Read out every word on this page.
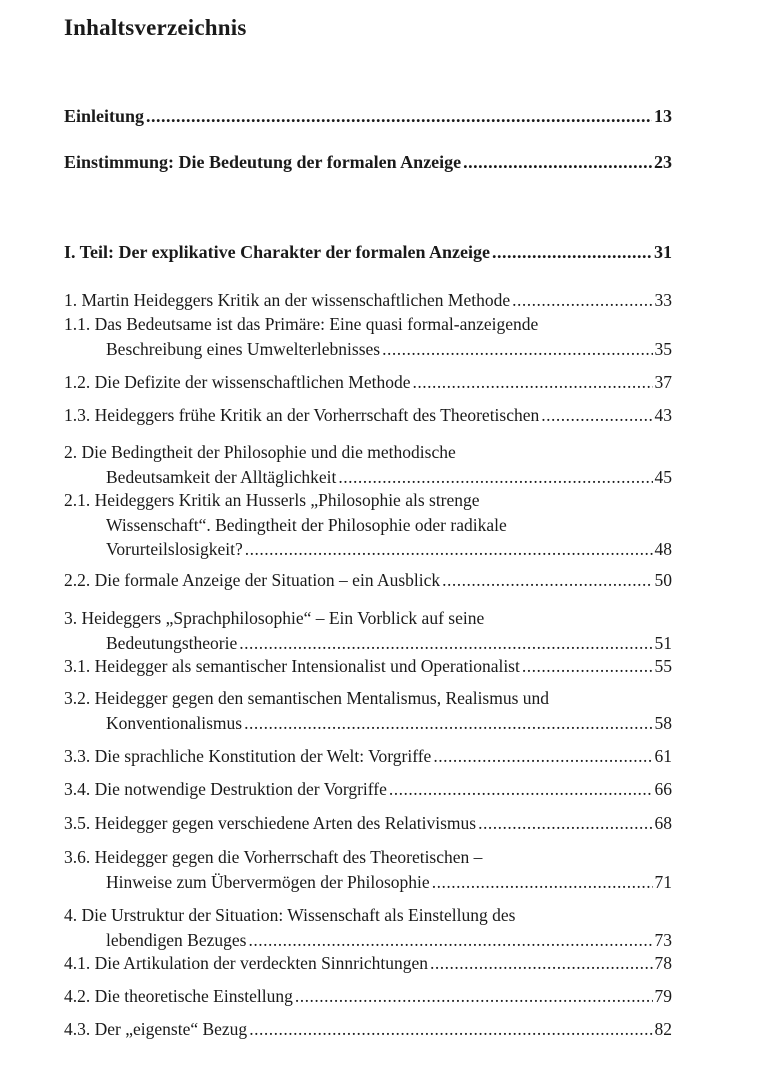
Inhaltsverzeichnis
Einleitung .....	13
Einstimmung: Die Bedeutung der formalen Anzeige .....	23
I. Teil: Der explikative Charakter der formalen Anzeige .....	31
1. Martin Heideggers Kritik an der wissenschaftlichen Methode .....	33
1.1. Das Bedeutsame ist das Primäre: Eine quasi formal-anzeigende
Beschreibung eines Umwelterlebnisses .....	35
1.2. Die Defizite der wissenschaftlichen Methode .....	37
1.3. Heideggers frühe Kritik an der Vorherrschaft des Theoretischen .....	43
2. Die Bedingtheit der Philosophie und die methodische
Bedeutsamkeit der Alltäglichkeit .....	45
2.1. Heideggers Kritik an Husserls „Philosophie als strenge
Wissenschaft“. Bedingtheit der Philosophie oder radikale
Vorurteilslosigkeit? .....	48
2.2. Die formale Anzeige der Situation – ein Ausblick .....	50
3. Heideggers „Sprachphilosophie“ – Ein Vorblick auf seine
Bedeutungstheorie .....	51
3.1. Heidegger als semantischer Intensionalist und Operationalist .....	55
3.2. Heidegger gegen den semantischen Mentalismus, Realismus und
Konventionalismus .....	58
3.3. Die sprachliche Konstitution der Welt: Vorgriffe .....	61
3.4. Die notwendige Destruktion der Vorgriffe .....	66
3.5. Heidegger gegen verschiedene Arten des Relativismus .....	68
3.6. Heidegger gegen die Vorherrschaft des Theoretischen –
Hinweise zum Übervermögen der Philosophie .....	71
4. Die Urstruktur der Situation: Wissenschaft als Einstellung des
lebendigen Bezuges .....	73
4.1. Die Artikulation der verdeckten Sinnrichtungen .....	78
4.2. Die theoretische Einstellung .....	79
4.3. Der „eigenste“ Bezug .....	82
